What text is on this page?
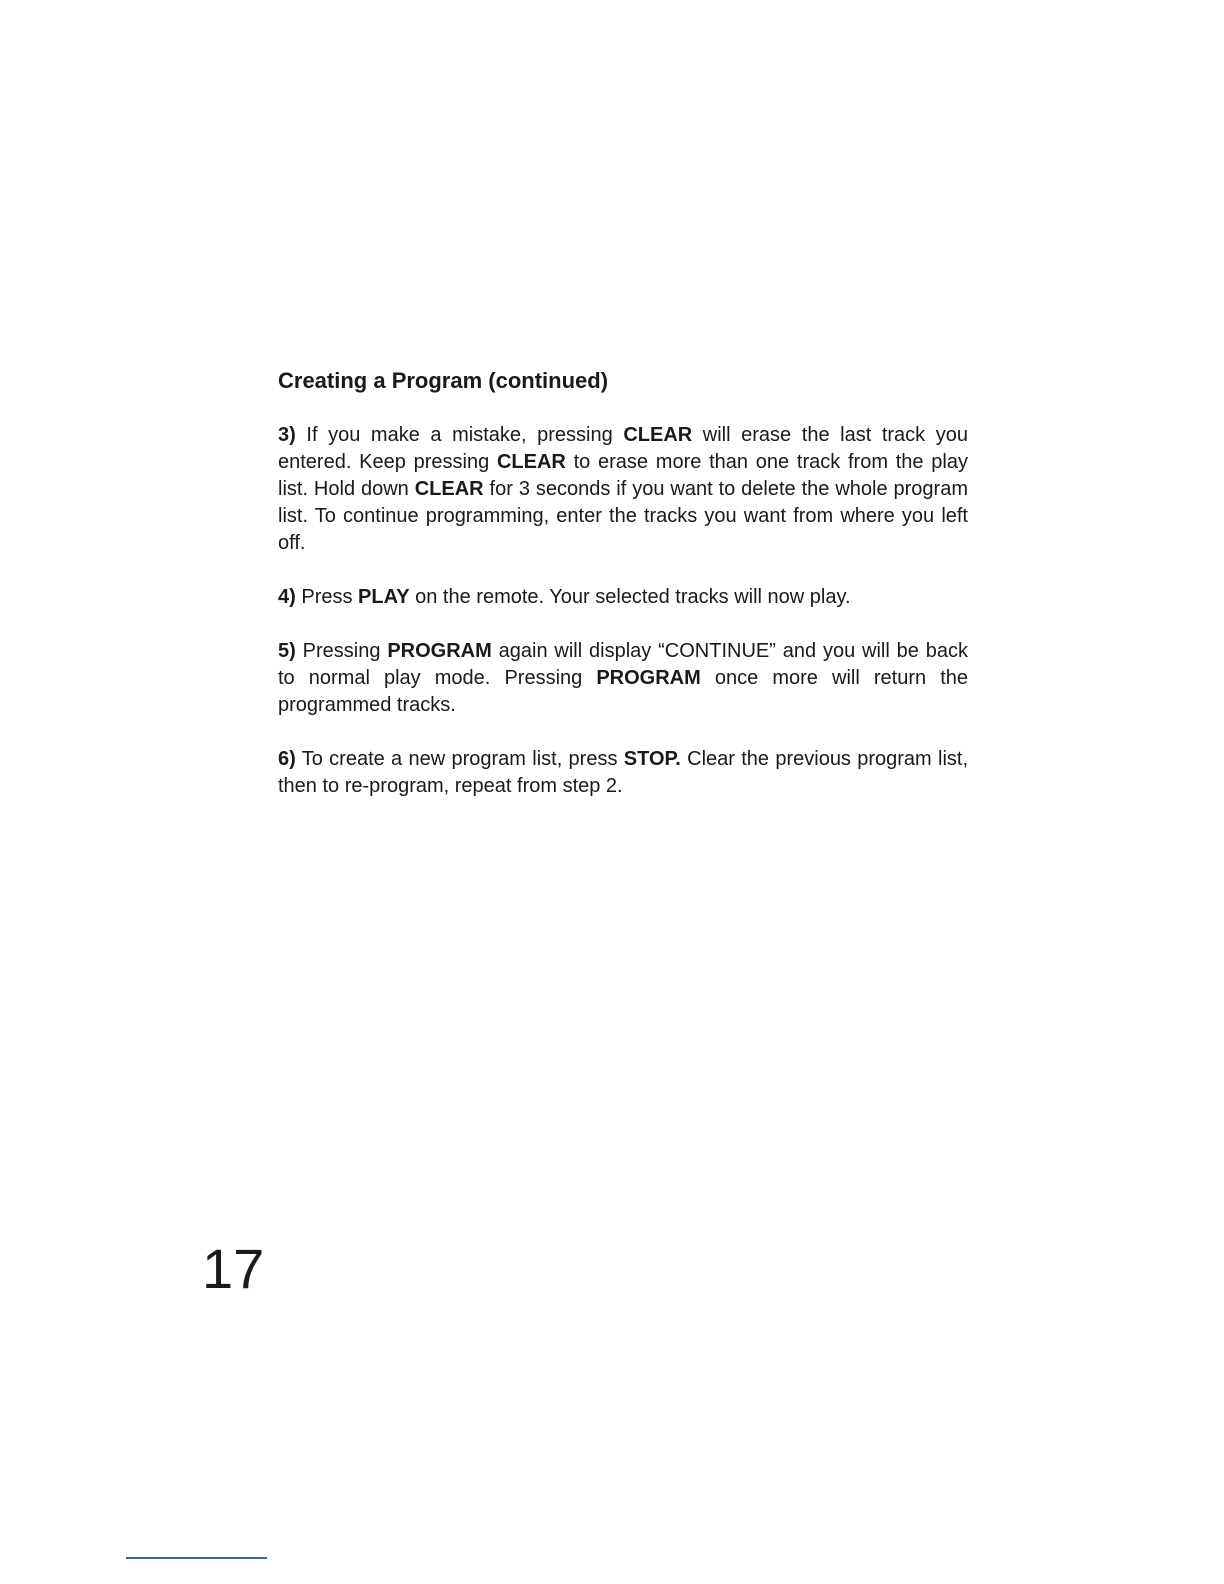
Creating a Program (continued)

3) If you make a mistake, pressing CLEAR will erase the last track you entered. Keep pressing CLEAR to erase more than one track from the play list. Hold down CLEAR for 3 seconds if you want to delete the whole program list. To continue programming, enter the tracks you want from where you left off.

4) Press PLAY on the remote. Your selected tracks will now play.

5) Pressing PROGRAM again will display “CONTINUE” and you will be back to normal play mode. Pressing PROGRAM once more will return the programmed tracks.

6) To create a new program list, press STOP. Clear the previous program list, then to re-program, repeat from step 2.

17
